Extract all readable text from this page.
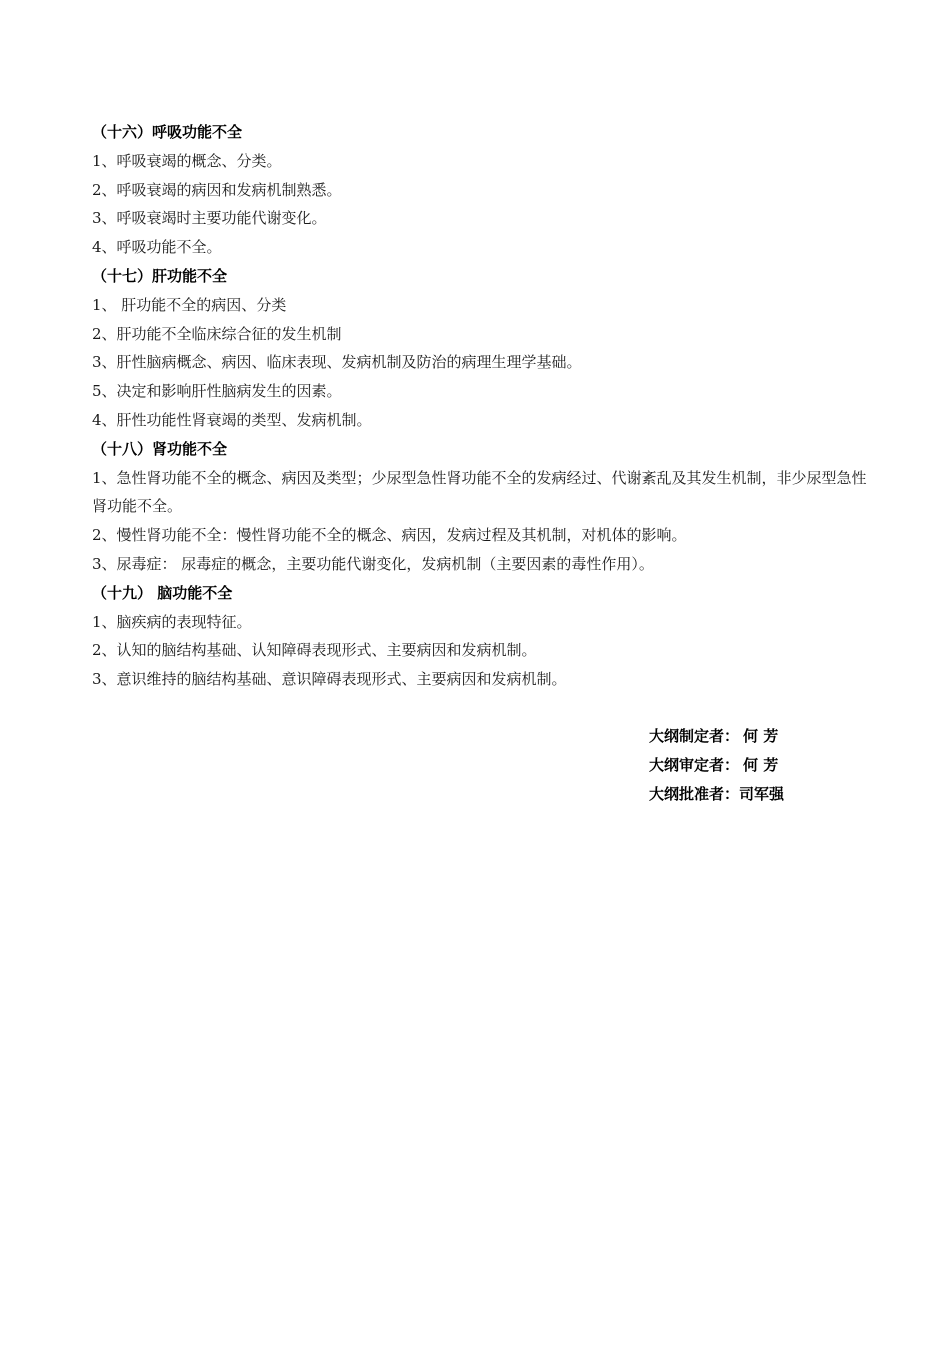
（十六）呼吸功能不全
1、呼吸衰竭的概念、分类。
2、呼吸衰竭的病因和发病机制熟悉。
3、呼吸衰竭时主要功能代谢变化。
4、呼吸功能不全。
（十七）肝功能不全
1、 肝功能不全的病因、分类
2、肝功能不全临床综合征的发生机制
3、肝性脑病概念、病因、临床表现、发病机制及防治的病理生理学基础。
5、决定和影响肝性脑病发生的因素。
4、肝性功能性肾衰竭的类型、发病机制。
（十八）肾功能不全
1、急性肾功能不全的概念、病因及类型；少尿型急性肾功能不全的发病经过、代谢紊乱及其发生机制，非少尿型急性肾功能不全。
2、慢性肾功能不全：慢性肾功能不全的概念、病因，发病过程及其机制，对机体的影响。
3、尿毒症： 尿毒症的概念，主要功能代谢变化，发病机制（主要因素的毒性作用）。
（十九） 脑功能不全
1、脑疾病的表现特征。
2、认知的脑结构基础、认知障碍表现形式、主要病因和发病机制。
3、意识维持的脑结构基础、意识障碍表现形式、主要病因和发病机制。
大纲制定者： 何 芳
大纲审定者： 何 芳
大纲批准者：司军强
